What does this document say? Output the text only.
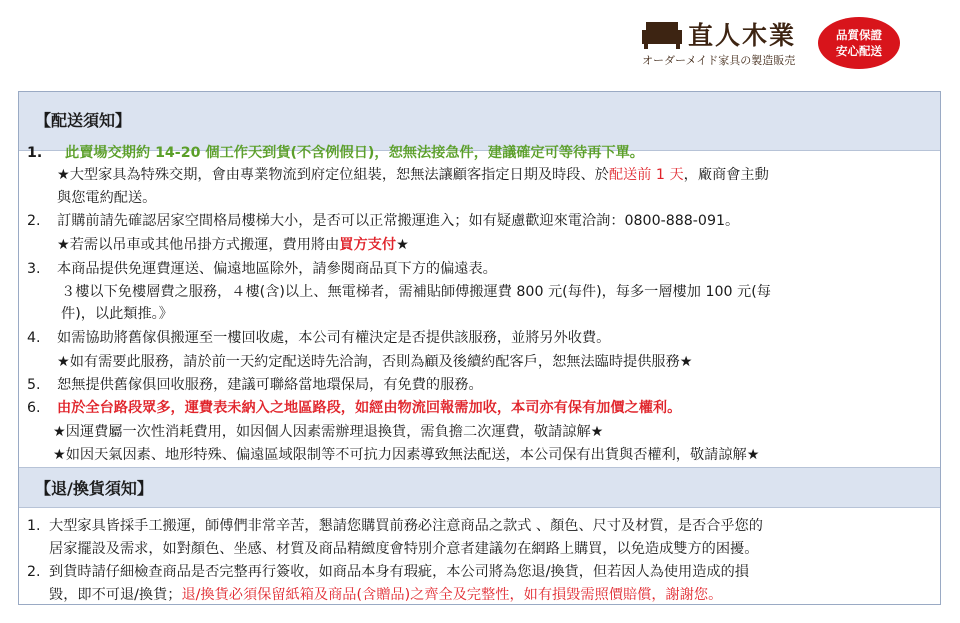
直人木業
オーダーメイド家具の製造販売
品質保證
安心配送
【配送須知】
1. 此賣場交期約 14-20 個工作天到貨(不含例假日)，恕無法接急件，建議確定可等待再下單。
★大型家具為特殊交期，會由專業物流到府定位組裝，恕無法讓顧客指定日期及時段、於配送前 1 天，廠商會主動
與您電約配送。
2. 訂購前請先確認居家空間格局樓梯大小，是否可以正常搬運進入；如有疑慮歡迎來電洽詢：0800-888-091。
★若需以吊車或其他吊掛方式搬運，費用將由買方支付★
3. 本商品提供免運費運送、偏遠地區除外，請參閱商品頁下方的偏遠表。
３樓以下免樓層費之服務，４樓(含)以上、無電梯者，需補貼師傅搬運費 800 元(每件)，每多一層樓加 100 元(每
件)，以此類推。》
4. 如需協助將舊傢俱搬運至一樓回收處，本公司有權決定是否提供該服務，並將另外收費。
★如有需要此服務，請於前一天約定配送時先洽詢，否則為顧及後續約配客戶，恕無法臨時提供服務★
5. 恕無提供舊傢俱回收服務，建議可聯絡當地環保局，有免費的服務。
6. 由於全台路段眾多，運費表未納入之地區路段，如經由物流回報需加收，本司亦有保有加價之權利。
★因運費屬一次性消耗費用，如因個人因素需辦理退換貨，需負擔二次運費，敬請諒解★
★如因天氣因素、地形特殊、偏遠區域限制等不可抗力因素導致無法配送，本公司保有出貨與否權利，敬請諒解★
【退/換貨須知】
1. 大型家具皆採手工搬運，師傅們非常辛苦，懇請您購買前務必注意商品之款式 、顏色、尺寸及材質，是否合乎您的
居家擺設及需求，如對顏色、坐感、材質及商品精緻度會特別介意者建議勿在網路上購買，以免造成雙方的困擾。
2. 到貨時請仔細檢查商品是否完整再行簽收，如商品本身有瑕疵，本公司將為您退/換貨，但若因人為使用造成的損
毀，即不可退/換貨；退/換貨必須保留紙箱及商品(含贈品)之齊全及完整性，如有損毀需照價賠償，謝謝您。
